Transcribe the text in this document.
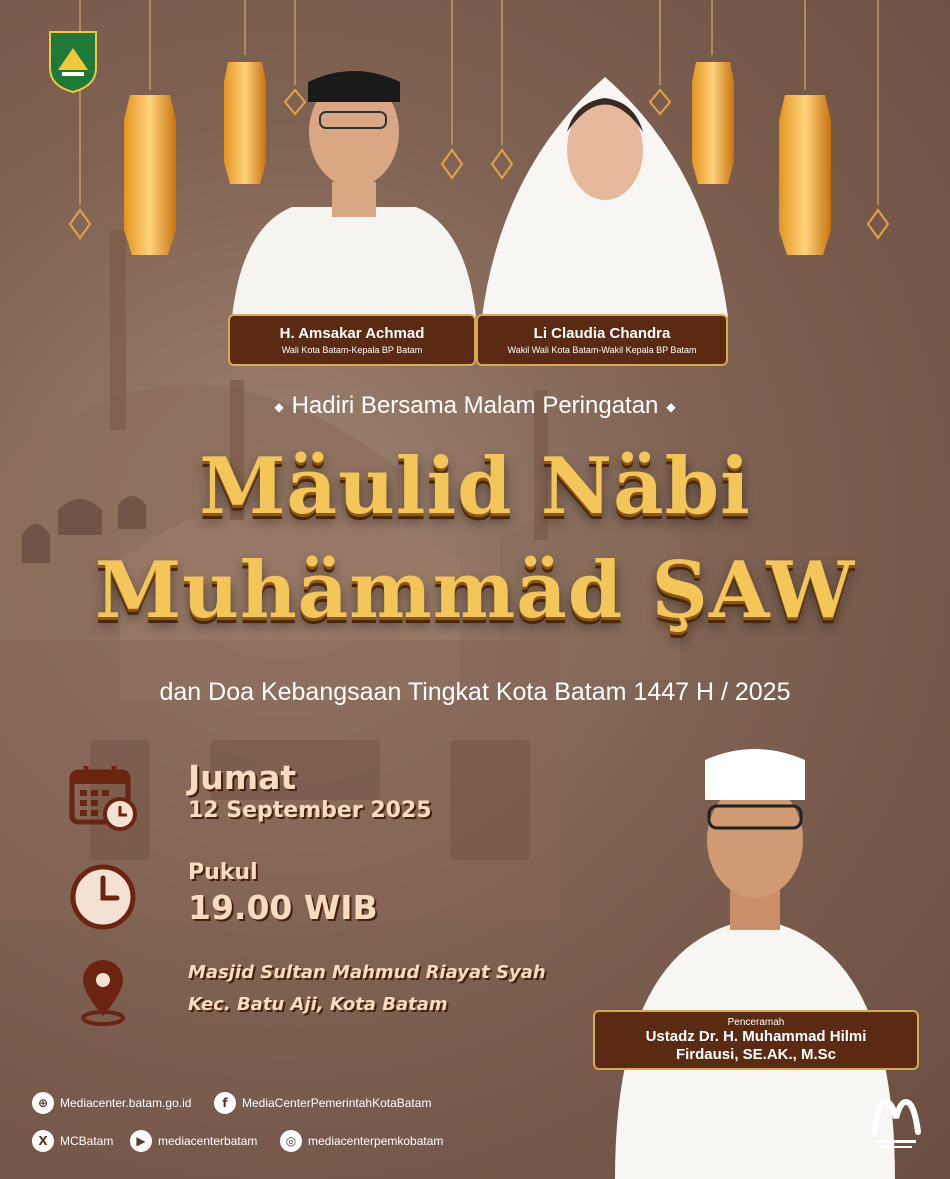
H. Amsakar Achmad
Wali Kota Batam-Kepala BP Batam
Li Claudia Chandra
Wakil Wali Kota Batam-Wakil Kepala BP Batam
◆ Hadiri Bersama Malam Peringatan ◆
Mäulid Näbi
Muhämmäd ŞAW
dan Doa Kebangsaan Tingkat Kota Batam 1447 H / 2025
Jumat
12 September 2025
Pukul
19.00 WIB
Masjid Sultan Mahmud Riayat Syah
Kec. Batu Aji, Kota Batam
Penceramah
Ustadz Dr. H. Muhammad Hilmi
Firdausi, SE.AK., M.Sc
⊕ Mediacenter.batam.go.id	f	MediaCenterPemerintahKotaBatam
X	MCBatam	▶	mediacenterbatam	◎ mediacenterpemkobatam
